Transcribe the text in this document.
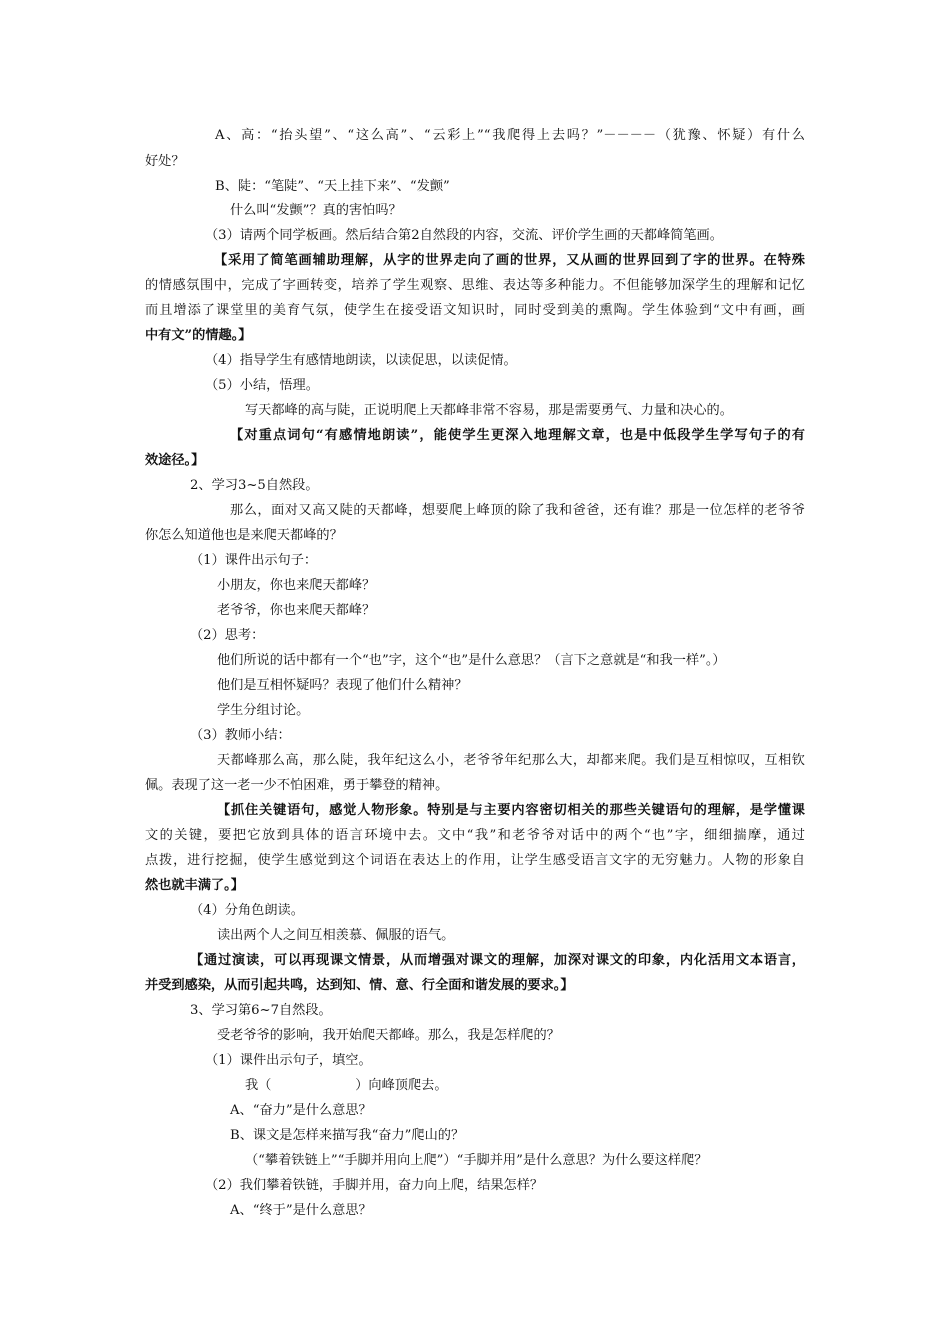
A、高：“抬头望”、“这么高”、“云彩上”“我爬得上去吗？”－－－－（犹豫、怀疑）有什么
好处？
B、陡：“笔陡”、“天上挂下来”、“发颤”
什么叫“发颤”？真的害怕吗？
（3）请两个同学板画。然后结合第2自然段的内容，交流、评价学生画的天都峰简笔画。
【采用了简笔画辅助理解，从字的世界走向了画的世界，又从画的世界回到了字的世界。在特殊
的情感氛围中，完成了字画转变，培养了学生观察、思维、表达等多种能力。不但能够加深学生的理解和记忆
而且增添了课堂里的美育气氛，使学生在接受语文知识时，同时受到美的熏陶。学生体验到“文中有画，画
中有文”的情趣。】
（4）指导学生有感情地朗读，以读促思，以读促情。
（5）小结，悟理。
写天都峰的高与陡，正说明爬上天都峰非常不容易，那是需要勇气、力量和决心的。
【对重点词句“有感情地朗读”，能使学生更深入地理解文章，也是中低段学生学写句子的有
效途径。】
2、学习3~5自然段。
那么，面对又高又陡的天都峰，想要爬上峰顶的除了我和爸爸，还有谁？那是一位怎样的老爷爷
你怎么知道他也是来爬天都峰的？
（1）课件出示句子：
小朋友，你也来爬天都峰？
老爷爷，你也来爬天都峰？
（2）思考：
他们所说的话中都有一个“也”字，这个“也”是什么意思？（言下之意就是“和我一样”。）
他们是互相怀疑吗？表现了他们什么精神？
学生分组讨论。
（3）教师小结：
天都峰那么高，那么陡，我年纪这么小，老爷爷年纪那么大，却都来爬。我们是互相惊叹，互相钦
佩。表现了这一老一少不怕困难，勇于攀登的精神。
【抓住关键语句，感觉人物形象。特别是与主要内容密切相关的那些关键语句的理解，是学懂课
文的关键，要把它放到具体的语言环境中去。文中“我”和老爷爷对话中的两个“也”字，细细揣摩，通过
点拨，进行挖掘，使学生感觉到这个词语在表达上的作用，让学生感受语言文字的无穷魅力。人物的形象自
然也就丰满了。】
（4）分角色朗读。
读出两个人之间互相羡慕、佩服的语气。
【通过演读，可以再现课文情景，从而增强对课文的理解，加深对课文的印象，内化活用文本语言，
并受到感染，从而引起共鸣，达到知、情、意、行全面和谐发展的要求。】
3、学习第6~7自然段。
受老爷爷的影响，我开始爬天都峰。那么，我是怎样爬的？
（1）课件出示句子，填空。
我（                    ）向峰顶爬去。
A、“奋力”是什么意思？
B、课文是怎样来描写我“奋力”爬山的？
（“攀着铁链上”“手脚并用向上爬”）“手脚并用”是什么意思？为什么要这样爬？
（2）我们攀着铁链，手脚并用，奋力向上爬，结果怎样？
A、“终于”是什么意思？
